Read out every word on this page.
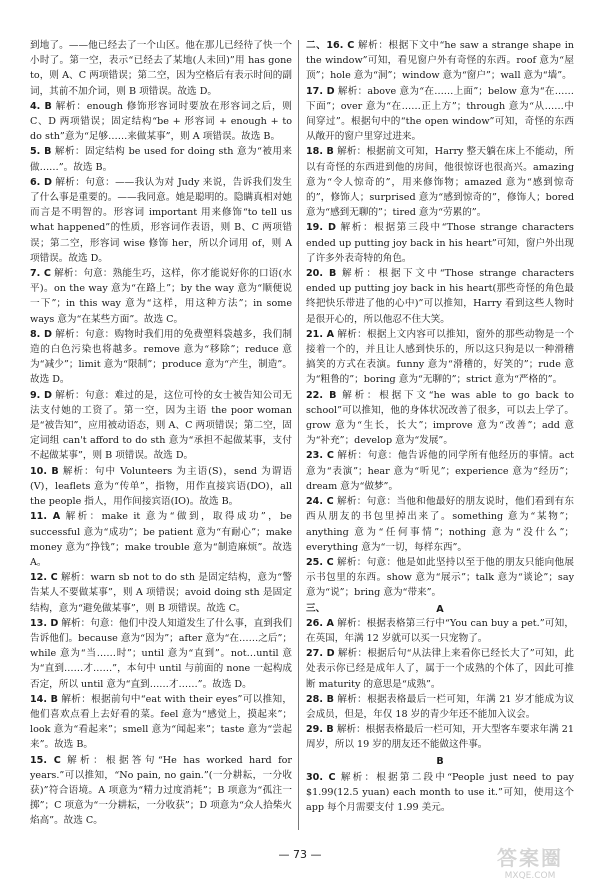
到地了。——他已经去了一个山区。他在那儿已经待了快一个小时了。第一空，表示“已经去了某地(人未回)”用 has gone to，则 A、C 两项错误；第二空，因为空格后有表示时间的副词，其前不加介词，则 B 项错误。故选 D。
4. B 解析：enough 修饰形容词时要放在形容词之后，则 C、D 两项错误；固定结构“be + 形容词 + enough + to do sth”意为“足够……来做某事”，则 A 项错误。故选 B。
5. B 解析：固定结构 be used for doing sth 意为“被用来做……”。故选 B。
6. D 解析：句意：——我认为对 Judy 来说，告诉我们发生了什么事是重要的。——我同意。她是聪明的。隐瞒真相对她而言是不明智的。形容词 important 用来修饰“to tell us what happened”的性质，形容词作表语，则 B、C 两项错误；第二空，形容词 wise 修饰 her，所以介词用 of，则 A 项错误。故选 D。
7. C 解析：句意：熟能生巧，这样，你才能说好你的口语(水平)。on the way 意为“在路上”；by the way 意为“顺便说一下”；in this way 意为“这样，用这种方法”；in some ways 意为“在某些方面”。故选 C。
8. D 解析：句意：购物时我们用的免费塑料袋越多，我们制造的白色污染也将越多。remove 意为“移除”；reduce 意为“减少”；limit 意为“限制”；produce 意为“产生，制造”。故选 D。
9. D 解析：句意：难过的是，这位可怜的女士被告知公司无法支付她的工资了。第一空，因为主语 the poor woman 是“被告知”，应用被动语态，则 A、C 两项错误；第二空，固定词组 can't afford to do sth 意为“承担不起做某事，支付不起做某事”，则 B 项错误。故选 D。
10. B 解析：句中 Volunteers 为主语(S)，send 为谓语(V)，leaflets 意为“传单”，指物，用作直接宾语(DO)，all the people 指人，用作间接宾语(IO)。故选 B。
11. A 解析：make it 意为“做到，取得成功”，be successful 意为“成功”；be patient 意为“有耐心”；make money 意为“挣钱”；make trouble 意为“制造麻烦”。故选 A。
12. C 解析：warn sb not to do sth 是固定结构，意为“警告某人不要做某事”，则 A 项错误；avoid doing sth 是固定结构，意为“避免做某事”，则 B 项错误。故选 C。
13. D 解析：句意：他们中没人知道发生了什么事，直到我们告诉他们。because 意为“因为”；after 意为“在……之后”；while 意为“当……时”；until 意为“直到”。not…until 意为“直到……才……”，本句中 until 与前面的 none 一起构成否定，所以 until 意为“直到……才……”。故选 D。
14. B 解析：根据前句中“eat with their eyes”可以推知，他们喜欢点看上去好看的菜。feel 意为“感觉上，摸起来”；look 意为“看起来”；smell 意为“闻起来”；taste 意为“尝起来”。故选 B。
15. C 解析：根据答句“He has worked hard for years.”可以推知，“No pain, no gain.”(一分耕耘，一分收获)”符合语境。A 项意为“精力过度消耗”；B 项意为“孤注一掷”；C 项意为“一分耕耘，一分收获”；D 项意为“众人拾柴火焰高”。故选 C。
二、16. C 解析：根据下文中“he saw a strange shape in the window”可知，看见窗户外有奇怪的东西。roof 意为“屋顶”；hole 意为“洞”；window 意为“窗户”；wall 意为“墙”。
17. D 解析：above 意为“在……上面”；below 意为“在……下面”；over 意为“在……正上方”；through 意为“从……中间穿过”。根据句中的“the open window”可知，奇怪的东西从敞开的窗户里穿过进来。
18. B 解析：根据前文可知，Harry 整天躺在床上不能动，所以有奇怪的东西进到他的房间，他很惊讶也很高兴。amazing 意为“令人惊奇的”，用来修饰物；amazed 意为“感到惊奇的”，修饰人；surprised 意为“感到惊奇的”，修饰人；bored 意为“感到无聊的”；tired 意为“劳累的”。
19. D 解析：根据第三段中“Those strange characters ended up putting joy back in his heart”可知，窗户外出现了许多外表奇特的角色。
20. B 解析：根据下文中“Those strange characters ended up putting joy back in his heart(那些奇怪的角色最终把快乐带进了他的心中)”可以推知，Harry 看到这些人物时是很开心的，所以他忍不住大笑。
21. A 解析：根据上文内容可以推知，窗外的那些动物是一个接着一个的，并且让人感到快乐的，所以这只狗是以一种滑稽搞笑的方式在表演。funny 意为“滑稽的，好笑的”；rude 意为“粗鲁的”；boring 意为“无聊的”；strict 意为“严格的”。
22. B 解析：根据下文“he was able to go back to school”可以推知，他的身体状况改善了很多，可以去上学了。grow 意为“生长，长大”；improve 意为“改善”；add 意为“补充”；develop 意为“发展”。
23. C 解析：句意：他告诉他的同学所有他经历的事情。act 意为“表演”；hear 意为“听见”；experience 意为“经历”；dream 意为“做梦”。
24. C 解析：句意：当他和他最好的朋友说时，他们看到有东西从朋友的书包里掉出来了。something 意为“某物”；anything 意为“任何事情”；nothing 意为“没什么”；everything 意为“一切，每样东西”。
25. C 解析：句意：他是如此坚持以至于他的朋友只能向他展示书包里的东西。show 意为“展示”；talk 意为“谈论”；say 意为“说”；bring 意为“带来”。
三、	A
26. A 解析：根据表格第三行中“You can buy a pet.”可知，在英国，年满 12 岁就可以买一只宠物了。
27. D 解析：根据后句“从法律上来看你已经长大了”可知，此处表示你已经是成年人了，属于一个成熟的个体了，因此可推断 maturity 的意思是“成熟”。
28. B 解析：根据表格最后一栏可知，年满 21 岁才能成为议会成员，但是，年仅 18 岁的青少年还不能加入议会。
29. B 解析：根据表格最后一栏可知，开大型客车要求年满 21 周岁，所以 19 岁的朋友还不能做这件事。
B
30. C 解析：根据第二段中“People just need to pay $1.99(12.5 yuan) each month to use it.”可知，使用这个 app 每个月需要支付 1.99 美元。
— 73 —	答案圈
MXQE.COM
